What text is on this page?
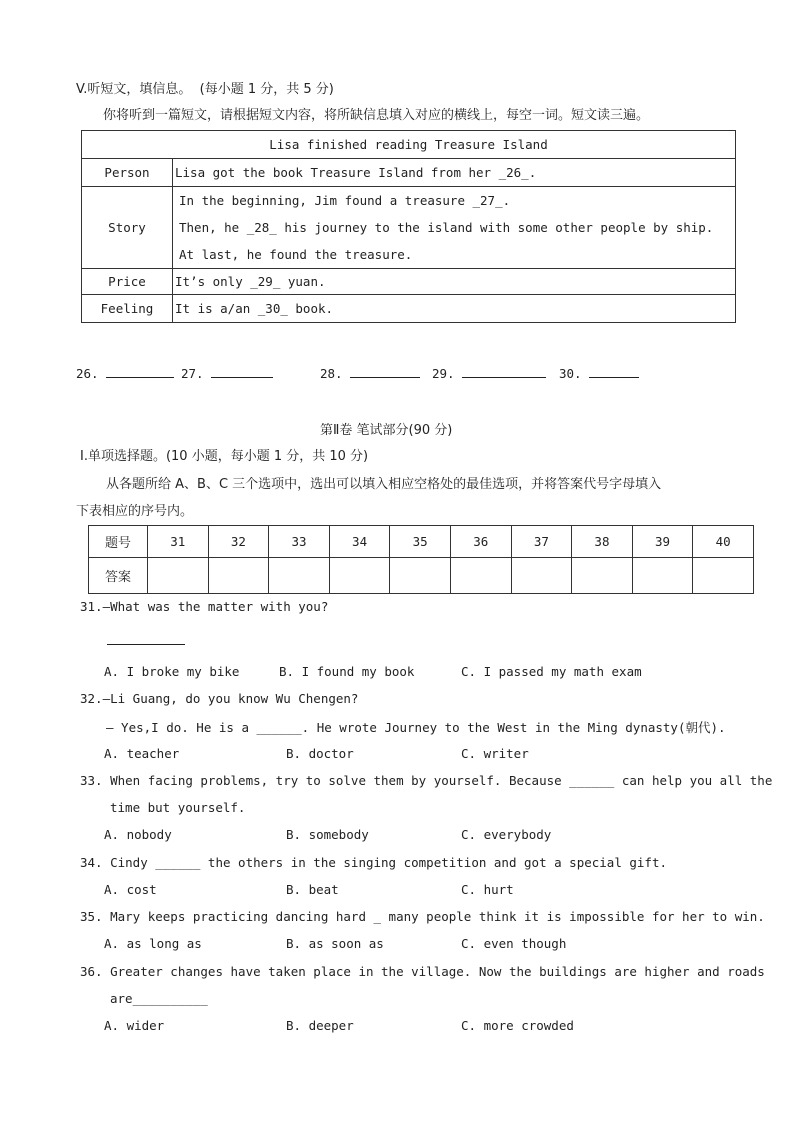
V.听短文，填信息。 (每小题 1 分，共 5 分)
你将听到一篇短文，请根据短文内容，将所缺信息填入对应的横线上，每空一词。短文读三遍。
Lisa finished reading Treasure Island	
Person	Lisa got the book Treasure Island from her _26_.
Story	In the beginning, Jim found a treasure _27_.
Then, he _28_ his journey to the island with some other people by ship.
At last, he found the treasure.

Price	It’s only _29_ yuan.
Feeling	It is a/an _30_ book.
26.	27.	28.	29.	30.
第Ⅱ卷 笔试部分(90 分)
I.单项选择题。(10 小题，每小题 1 分，共 10 分)
从各题所给 A、B、C 三个选项中，选出可以填入相应空格处的最佳选项，并将答案代号字母填入
下表相应的序号内。
题号	31	32	33	34	35	36	37	38	39	40
答案										
31.—What was the matter with you?
A. I broke my bike	B. I found my book	C. I passed my math exam
32.—Li Guang, do you know Wu Chengen?
— Yes,I do. He is a ______. He wrote Journey to the West in the Ming dynasty(朝代).
A. teacher	B. doctor	C. writer
33. When facing problems, try to solve them by yourself. Because ______ can help you all the
time but yourself.
A. nobody	B. somebody	C. everybody
34. Cindy ______ the others in the singing competition and got a special gift.
A. cost	B. beat	C. hurt
35. Mary keeps practicing dancing hard _ many people think it is impossible for her to win.
A. as long as	B. as soon as	C. even though
36. Greater changes have taken place in the village. Now the buildings are higher and roads
are__________
A. wider	B. deeper	C. more crowded
